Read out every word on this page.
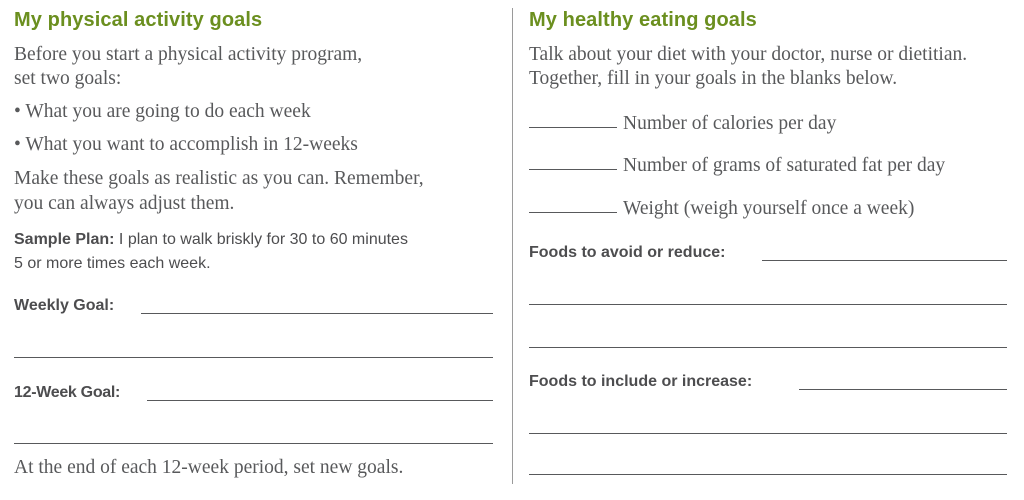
My physical activity goals
Before you start a physical activity program,
set two goals:
• What you are going to do each week
• What you want to accomplish in 12-weeks
Make these goals as realistic as you can. Remember,
you can always adjust them.
Sample Plan: I plan to walk briskly for 30 to 60 minutes
5 or more times each week.
Weekly Goal:
12-Week Goal:
At the end of each 12-week period, set new goals.
My healthy eating goals
Talk about your diet with your doctor, nurse or dietitian.
Together, fill in your goals in the blanks below.
Number of calories per day
Number of grams of saturated fat per day
Weight (weigh yourself once a week)
Foods to avoid or reduce:
Foods to include or increase:
